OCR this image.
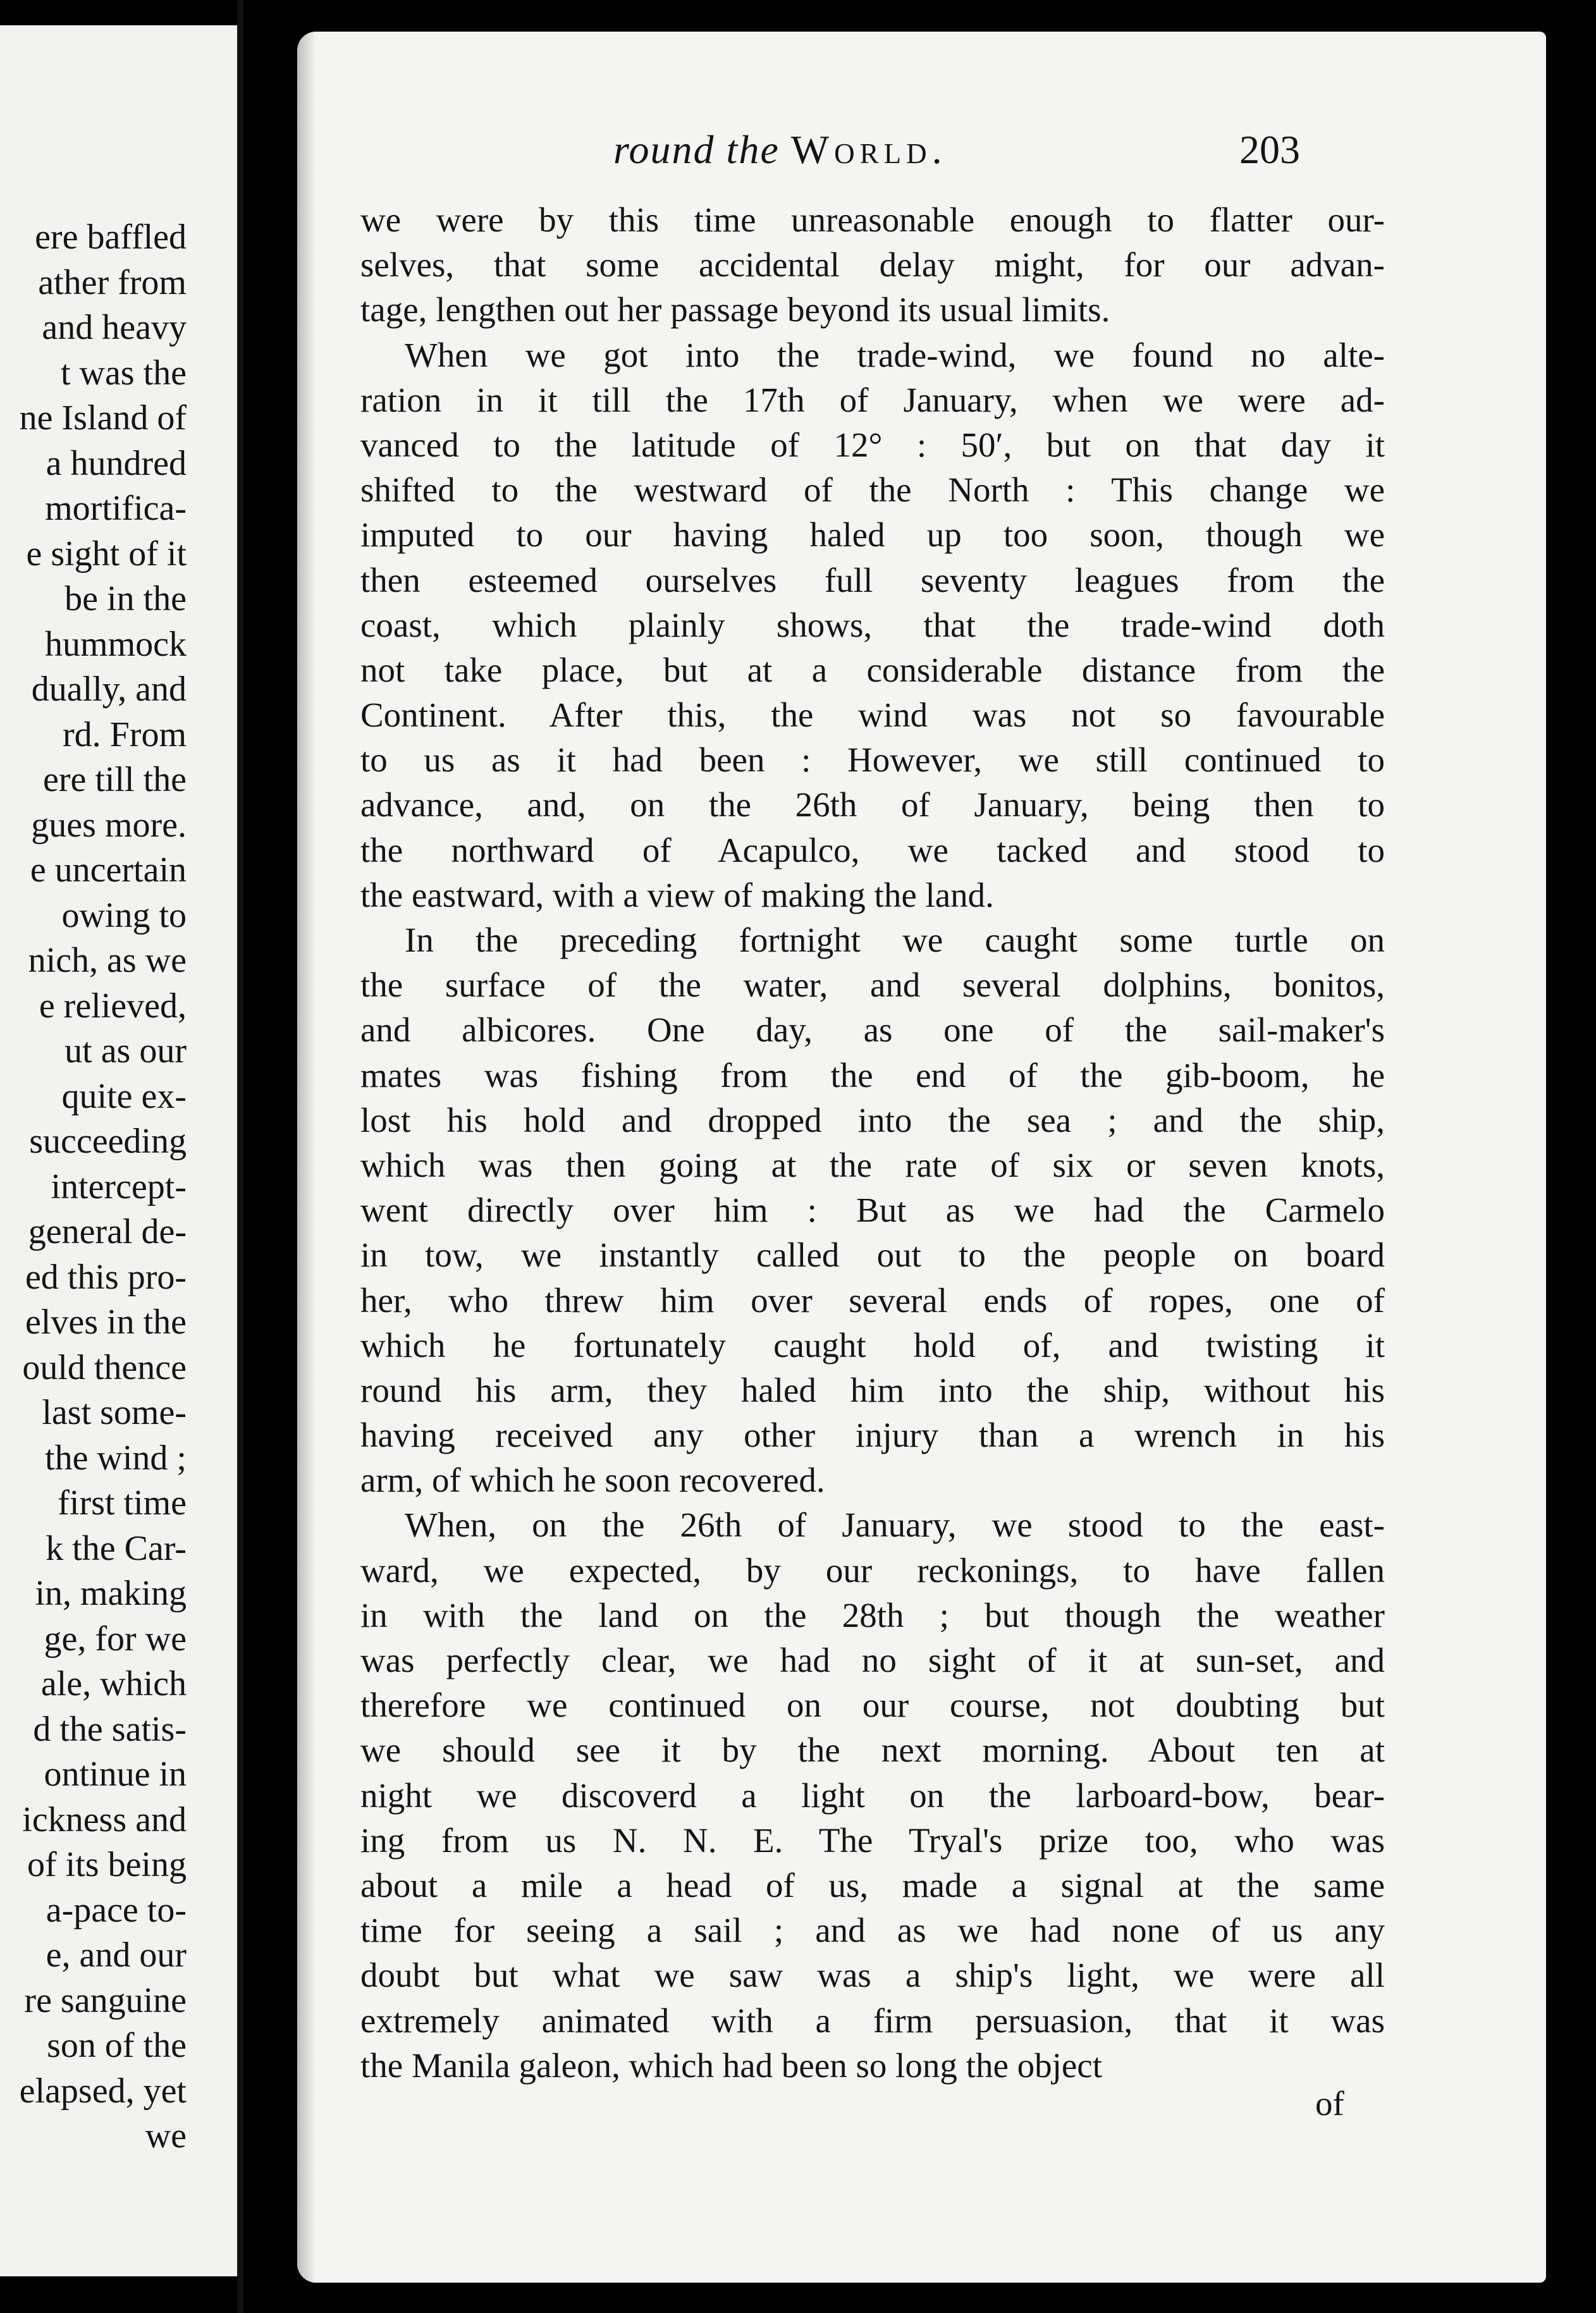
ere baffled
ather from
and heavy
t was the
ne Island of
a hundred
mortifica-
e sight of it
be in the
hummock
dually, and
rd. From
ere till the
gues more.
e uncertain
owing to
nich, as we
e relieved,
ut as our
quite ex-
succeeding
intercept-
general de-
ed this pro-
elves in the
ould thence
last some-
the wind ;
first time
k the Car-
in, making
ge, for we
ale, which
d the satis-
ontinue in
ickness and
of its being
a-pace to-
e, and our
re sanguine
son of the
elapsed, yet
we
round the World.	203
we were by this time unreasonable enough to flatter our-
selves, that some accidental delay might, for our advan-
tage, lengthen out her passage beyond its usual limits.
When we got into the trade-wind, we found no alte-
ration in it till the 17th of January, when we were ad-
vanced to the latitude of 12° : 50′, but on that day it
shifted to the westward of the North : This change we
imputed to our having haled up too soon, though we
then esteemed ourselves full seventy leagues from the
coast, which plainly shows, that the trade-wind doth
not take place, but at a considerable distance from the
Continent. After this, the wind was not so favourable
to us as it had been : However, we still continued to
advance, and, on the 26th of January, being then to
the northward of Acapulco, we tacked and stood to
the eastward, with a view of making the land.
In the preceding fortnight we caught some turtle on
the surface of the water, and several dolphins, bonitos,
and albicores. One day, as one of the sail-maker's
mates was fishing from the end of the gib-boom, he
lost his hold and dropped into the sea ; and the ship,
which was then going at the rate of six or seven knots,
went directly over him : But as we had the Carmelo
in tow, we instantly called out to the people on board
her, who threw him over several ends of ropes, one of
which he fortunately caught hold of, and twisting it
round his arm, they haled him into the ship, without his
having received any other injury than a wrench in his
arm, of which he soon recovered.
When, on the 26th of January, we stood to the east-
ward, we expected, by our reckonings, to have fallen
in with the land on the 28th ; but though the weather
was perfectly clear, we had no sight of it at sun-set, and
therefore we continued on our course, not doubting but
we should see it by the next morning. About ten at
night we discoverd a light on the larboard-bow, bear-
ing from us N. N. E. The Tryal's prize too, who was
about a mile a head of us, made a signal at the same
time for seeing a sail ; and as we had none of us any
doubt but what we saw was a ship's light, we were all
extremely animated with a firm persuasion, that it was
the Manila galeon, which had been so long the object
of
